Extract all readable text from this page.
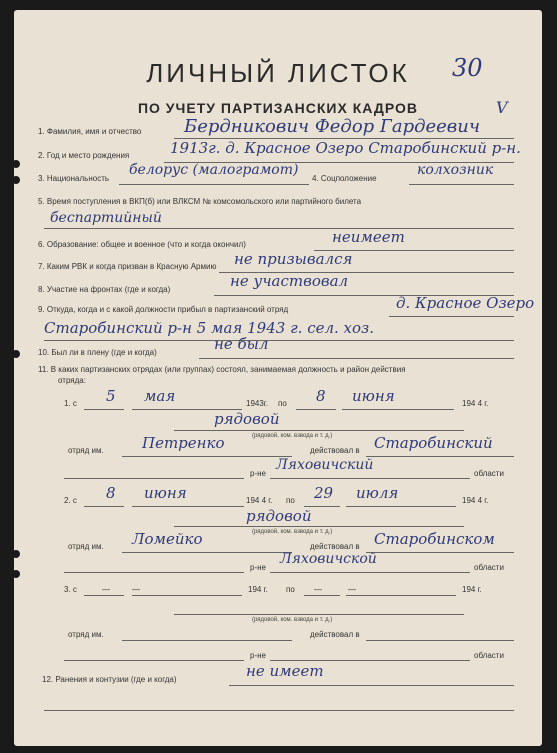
ЛИЧНЫЙ ЛИСТОК	30
ПО УЧЕТУ ПАРТИЗАНСКИХ КАДРОВ	V
1. Фамилия, имя и отчество Бердникович Федор Гардеевич
2. Год и место рождения	1913г. д. Красное Озеро Старобинский р-н.
3. Национальность
белорус (малограмот)
4. Соцположение
колхозник
5. Время поступления в ВКП(б) или ВЛКСМ № комсомольского или партийного билета
беспартийный
6. Образование: общее и военное (что и когда окончил)	неимеет
7. Каким РВК и когда призван в Красную Армию не призывался
8. Участие на фронтах (где и когда)	не участвовал
9. Откуда, когда и с какой должности прибыл в партизанский отряд	д. Красное Озеро
Старобинский р-н 5 мая 1943 г. сел. хоз.
10. Был ли в плену (где и когда)	не был
11. В каких партизанских отрядах (или группах) состоял, занимаемая должность и район действия
отряда:
1. с 5 мая	1943г. по 8 июня	194 4 г.
рядовой
(рядовой, ком. взвода и т. д.)
отряд им.	Петренко	действовал в Старобинский
р-не
Ляховичский
области
2. с 8 июня	194 4 г. по 29 июля	194 4 г.
рядовой
(рядовой, ком. взвода и т. д.)
отряд им. Ломейко	действовал в Старобинском
р-не
Ляховичской
области
3. с	—	—	194 г. по —	—	194 г.
(рядовой, ком. взвода и т. д.)
отряд им.	действовал в
р-не	области
12. Ранения и контузии (где и когда)	не имеет
